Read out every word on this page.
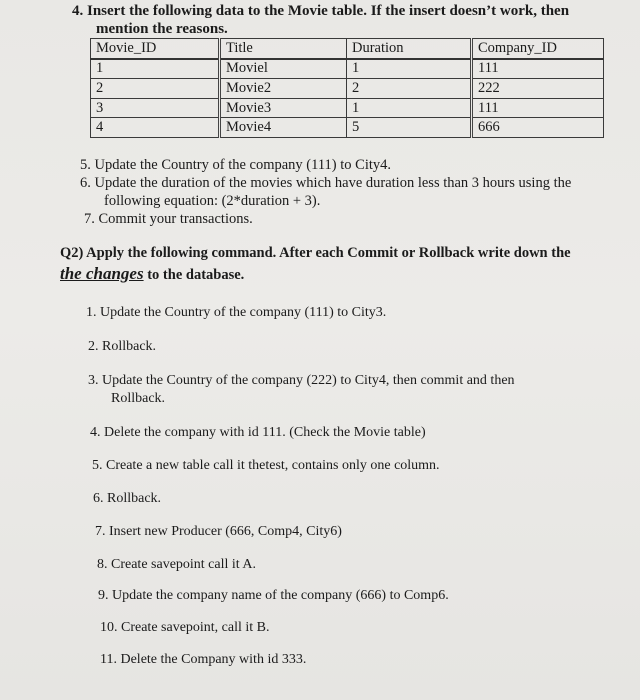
4. Insert the following data to the Movie table. If the insert doesn’t work, then
mention the reasons.
Movie_ID	Title	Duration	Company_ID
1	Moviel	1	111
2	Movie2	2	222
3	Movie3	1	111
4	Movie4	5	666
5. Update the Country of the company (111) to City4.
6. Update the duration of the movies which have duration less than 3 hours using the
following equation: (2*duration + 3).
7. Commit your transactions.
Q2) Apply the following command. After each Commit or Rollback write down the
the changes to the database.
1. Update the Country of the company (111) to City3.
2. Rollback.
3. Update the Country of the company (222) to City4, then commit and then
Rollback.
4. Delete the company with id 111. (Check the Movie table)
5. Create a new table call it thetest, contains only one column.
6. Rollback.
7. Insert new Producer (666, Comp4, City6)
8. Create savepoint call it A.
9. Update the company name of the company (666) to Comp6.
10. Create savepoint, call it B.
11. Delete the Company with id 333.
